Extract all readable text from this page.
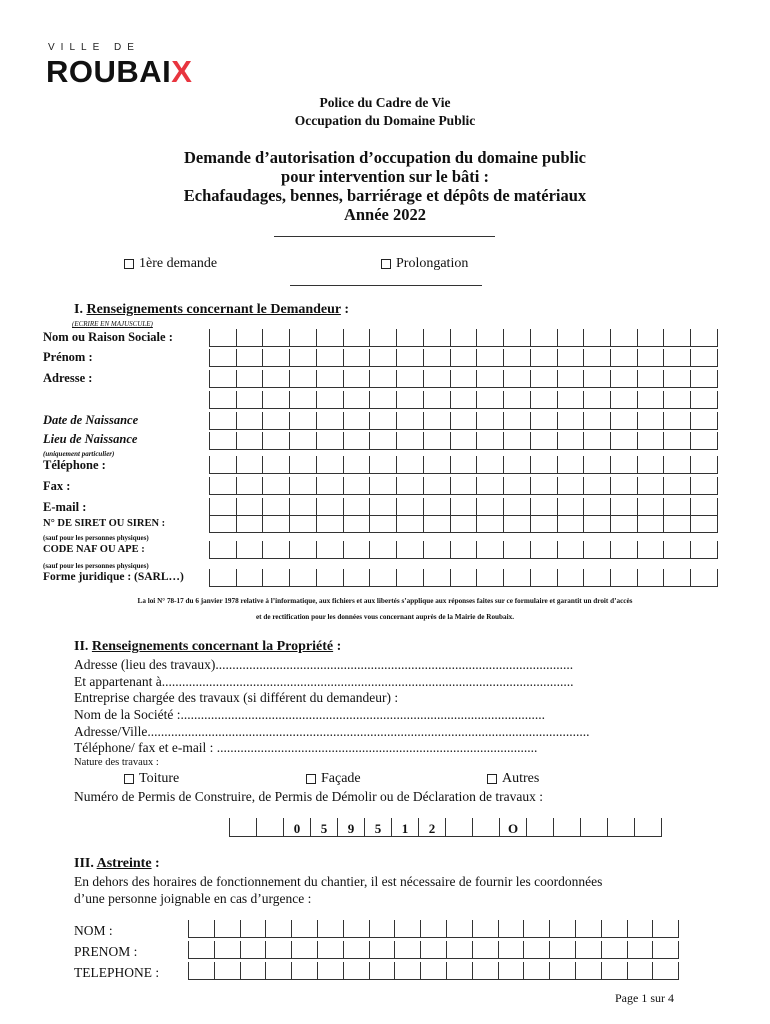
VILLE DE
ROUBAIX
Police du Cadre de Vie
Occupation du Domaine Public
Demande d’autorisation d’occupation du domaine public
pour intervention sur le bâti :
Echafaudages, bennes, barriérage et dépôts de matériaux
Année 2022
1ère demande	Prolongation
I. Renseignements concernant le Demandeur :
(ECRIRE EN MAJUSCULE)
Nom ou Raison Sociale :
Prénom :
Adresse :
Date de Naissance
Lieu de Naissance
(uniquement particulier)
Téléphone :
Fax :
E-mail :
N° DE SIRET OU SIREN :
(sauf pour les personnes physiques)
CODE NAF OU APE :
(sauf pour les personnes physiques)
Forme juridique : (SARL…)
La loi N° 78-17 du 6 janvier 1978 relative à l’informatique, aux fichiers et aux libertés s’applique aux réponses faites sur ce formulaire et garantit un droit d’accès
et de rectification pour les données vous concernant auprès de la Mairie de Roubaix.
II. Renseignements concernant la Propriété :
Adresse (lieu des travaux)..........................................................................................................
Et appartenant à..........................................................................................................................
Entreprise chargée des travaux (si différent du demandeur) :
Nom de la Société :............................................................................................................
Adresse/Ville...................................................................................................................................
Téléphone/ fax et e-mail : ...............................................................................................
Nature des travaux :
Toiture	Façade	Autres
Numéro de Permis de Construire, de Permis de Démolir ou de Déclaration de travaux :
0	5	9	5	1	2	O
III. Astreinte :
En dehors des horaires de fonctionnement du chantier, il est nécessaire de fournir les coordonnées
d’une personne joignable en cas d’urgence :
NOM :
PRENOM :
TELEPHONE :
Page 1 sur 4
